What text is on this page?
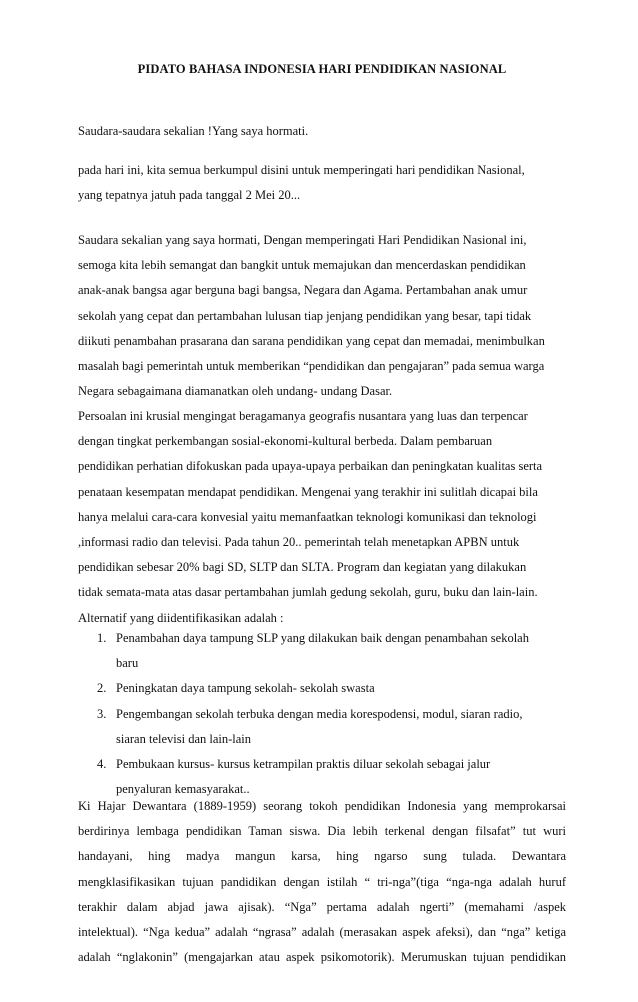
PIDATO BAHASA INDONESIA HARI PENDIDIKAN NASIONAL

Saudara-saudara sekalian !Yang saya hormati.

pada hari ini, kita semua berkumpul disini untuk memperingati hari pendidikan Nasional,
yang tepatnya jatuh pada tanggal 2 Mei 20...

Saudara sekalian yang saya hormati, Dengan memperingati Hari Pendidikan Nasional ini,
semoga kita lebih semangat dan bangkit untuk memajukan dan mencerdaskan pendidikan
anak-anak bangsa agar berguna bagi bangsa, Negara dan Agama. Pertambahan anak umur
sekolah yang cepat dan pertambahan lulusan tiap jenjang pendidikan yang besar, tapi tidak
diikuti penambahan prasarana dan sarana pendidikan yang cepat dan memadai, menimbulkan
masalah bagi pemerintah untuk memberikan “pendidikan dan pengajaran” pada semua warga
Negara sebagaimana diamanatkan oleh undang- undang Dasar.

Persoalan ini krusial mengingat beragamanya geografis nusantara yang luas dan terpencar
dengan tingkat perkembangan sosial-ekonomi-kultural berbeda. Dalam pembaruan
pendidikan perhatian difokuskan pada upaya-upaya perbaikan dan peningkatan kualitas serta
penataan kesempatan mendapat pendidikan. Mengenai yang terakhir ini sulitlah dicapai bila
hanya melalui cara-cara konvesial yaitu memanfaatkan teknologi komunikasi dan teknologi
,informasi radio dan televisi. Pada tahun 20.. pemerintah telah menetapkan APBN untuk
pendidikan sebesar 20% bagi SD, SLTP dan SLTA. Program dan kegiatan yang dilakukan
tidak semata-mata atas dasar pertambahan jumlah gedung sekolah, guru, buku dan lain-lain.
Alternatif yang diidentifikasikan adalah :

1. Penambahan daya tampung SLP yang dilakukan baik dengan penambahan sekolah
baru
2. Peningkatan daya tampung sekolah- sekolah swasta
3. Pengembangan sekolah terbuka dengan media korespodensi, modul, siaran radio,
siaran televisi dan lain-lain
4. Pembukaan kursus- kursus ketrampilan praktis diluar sekolah sebagai jalur
penyaluran kemasyarakat..

Ki Hajar Dewantara (1889-1959) seorang tokoh pendidikan Indonesia yang memprokarsai
berdirinya lembaga pendidikan Taman siswa. Dia lebih terkenal dengan filsafat” tut wuri
handayani, hing madya mangun karsa, hing ngarso sung tulada. Dewantara
mengklasifikasikan tujuan pandidikan dengan istilah “ tri-nga”(tiga “nga-nga adalah huruf
terakhir dalam abjad jawa ajisak). “Nga” pertama adalah ngerti” (memahami /aspek
intelektual). “Nga kedua” adalah “ngrasa” adalah (merasakan aspek afeksi), dan “nga” ketiga
adalah “nglakonin” (mengajarkan atau aspek psikomotorik). Merumuskan tujuan pendidikan
